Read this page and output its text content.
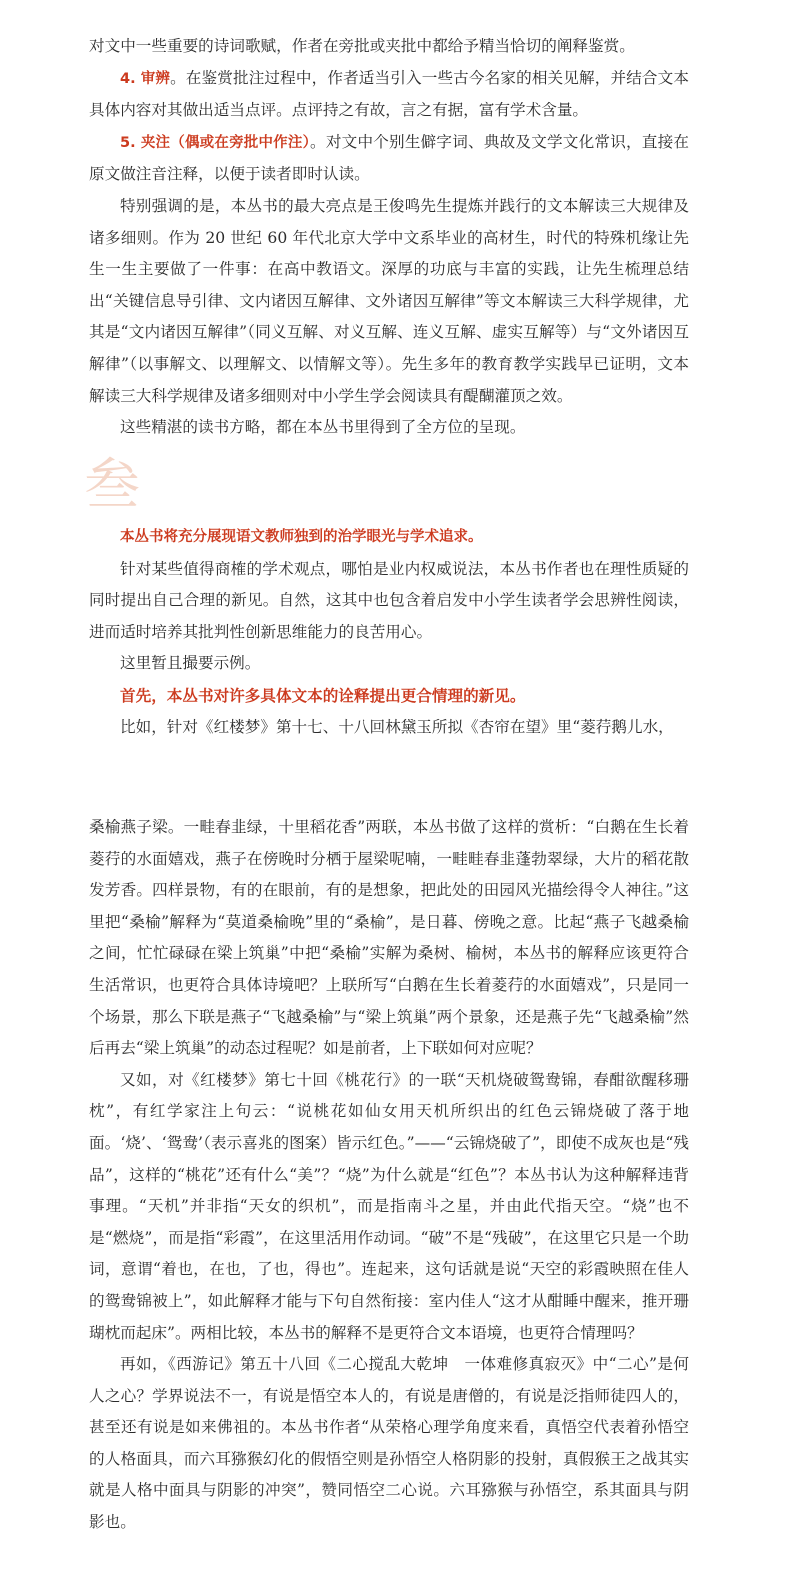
对文中一些重要的诗词歌赋，作者在旁批或夹批中都给予精当恰切的阐释鉴赏。

4. 审辨。在鉴赏批注过程中，作者适当引入一些古今名家的相关见解，并结合文本具体内容对其做出适当点评。点评持之有故，言之有据，富有学术含量。

5. 夹注（偶或在旁批中作注）。对文中个别生僻字词、典故及文学文化常识，直接在原文做注音注释，以便于读者即时认读。

特别强调的是，本丛书的最大亮点是王俊鸣先生提炼并践行的文本解读三大规律及诸多细则。作为 20 世纪 60 年代北京大学中文系毕业的高材生，时代的特殊机缘让先生一生主要做了一件事：在高中教语文。深厚的功底与丰富的实践，让先生梳理总结出“关键信息导引律、文内诸因互解律、文外诸因互解律”等文本解读三大科学规律，尤其是“文内诸因互解律”（同义互解、对义互解、连义互解、虚实互解等）与“文外诸因互解律”（以事解文、以理解文、以情解文等）。先生多年的教育教学实践早已证明，文本解读三大科学规律及诸多细则对中小学生学会阅读具有醍醐灌顶之效。

这些精湛的读书方略，都在本丛书里得到了全方位的呈现。

叁

本丛书将充分展现语文教师独到的治学眼光与学术追求。

针对某些值得商榷的学术观点，哪怕是业内权威说法，本丛书作者也在理性质疑的同时提出自己合理的新见。自然，这其中也包含着启发中小学生读者学会思辨性阅读，进而适时培养其批判性创新思维能力的良苦用心。

这里暂且撮要示例。

首先，本丛书对许多具体文本的诠释提出更合情理的新见。

比如，针对《红楼梦》第十七、十八回林黛玉所拟《杏帘在望》里“菱荇鹅儿水，

桑榆燕子梁。一畦春韭绿，十里稻花香”两联，本丛书做了这样的赏析：“白鹅在生长着菱荇的水面嬉戏，燕子在傍晚时分栖于屋梁呢喃，一畦畦春韭蓬勃翠绿，大片的稻花散发芳香。四样景物，有的在眼前，有的是想象，把此处的田园风光描绘得令人神往。”这里把“桑榆”解释为“莫道桑榆晚”里的“桑榆”，是日暮、傍晚之意。比起“燕子飞越桑榆之间，忙忙碌碌在梁上筑巢”中把“桑榆”实解为桑树、榆树，本丛书的解释应该更符合生活常识，也更符合具体诗境吧？上联所写“白鹅在生长着菱荇的水面嬉戏”，只是同一个场景，那么下联是燕子“飞越桑榆”与“梁上筑巢”两个景象，还是燕子先“飞越桑榆”然后再去“梁上筑巢”的动态过程呢？如是前者，上下联如何对应呢？

又如，对《红楼梦》第七十回《桃花行》的一联“天机烧破鸳鸯锦，春酣欲醒移珊枕”，有红学家注上句云：“说桃花如仙女用天机所织出的红色云锦烧破了落于地面。‘烧’、‘鸳鸯’（表示喜兆的图案）皆示红色。”——“云锦烧破了”，即使不成灰也是“残品”，这样的“桃花”还有什么“美”？“烧”为什么就是“红色”？本丛书认为这种解释违背事理。“天机”并非指“天女的织机”，而是指南斗之星，并由此代指天空。“烧”也不是“燃烧”，而是指“彩霞”，在这里活用作动词。“破”不是“残破”，在这里它只是一个助词，意谓“着也，在也，了也，得也”。连起来，这句话就是说“天空的彩霞映照在佳人的鸳鸯锦被上”，如此解释才能与下句自然衔接：室内佳人“这才从酣睡中醒来，推开珊瑚枕而起床”。两相比较，本丛书的解释不是更符合文本语境，也更符合情理吗？

再如，《西游记》第五十八回《二心搅乱大乾坤　一体难修真寂灭》中“二心”是何人之心？学界说法不一，有说是悟空本人的，有说是唐僧的，有说是泛指师徒四人的，甚至还有说是如来佛祖的。本丛书作者“从荣格心理学角度来看，真悟空代表着孙悟空的人格面具，而六耳猕猴幻化的假悟空则是孙悟空人格阴影的投射，真假猴王之战其实就是人格中面具与阴影的冲突”，赞同悟空二心说。六耳猕猴与孙悟空，系其面具与阴影也。
